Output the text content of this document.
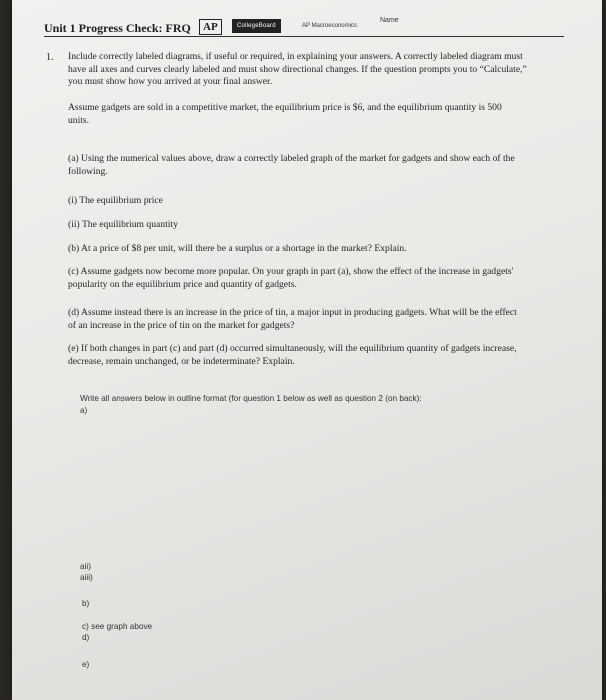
Unit 1 Progress Check: FRQ	AP	CollegeBoard	AP Macroeconomics
Name
1. Include correctly labeled diagrams, if useful or required, in explaining your answers. A correctly labeled diagram must have all axes and curves clearly labeled and must show directional changes. If the question prompts you to “Calculate,” you must show how you arrived at your final answer.

Assume gadgets are sold in a competitive market, the equilibrium price is $6, and the equilibrium quantity is 500 units.

(a) Using the numerical values above, draw a correctly labeled graph of the market for gadgets and show each of the following.

(i) The equilibrium price

(ii) The equilibrium quantity

(b) At a price of $8 per unit, will there be a surplus or a shortage in the market? Explain.

(c) Assume gadgets now become more popular. On your graph in part (a), show the effect of the increase in gadgets' popularity on the equilibrium price and quantity of gadgets.

(d) Assume instead there is an increase in the price of tin, a major input in producing gadgets. What will be the effect of an increase in the price of tin on the market for gadgets?

(e) If both changes in part (c) and part (d) occurred simultaneously, will the equilibrium quantity of gadgets increase, decrease, remain unchanged, or be indeterminate? Explain.

Write all answers below in outline format (for question 1 below as well as question 2 (on back):

a)

aii)

aiii)

b)

c) see graph above

d)

e)
